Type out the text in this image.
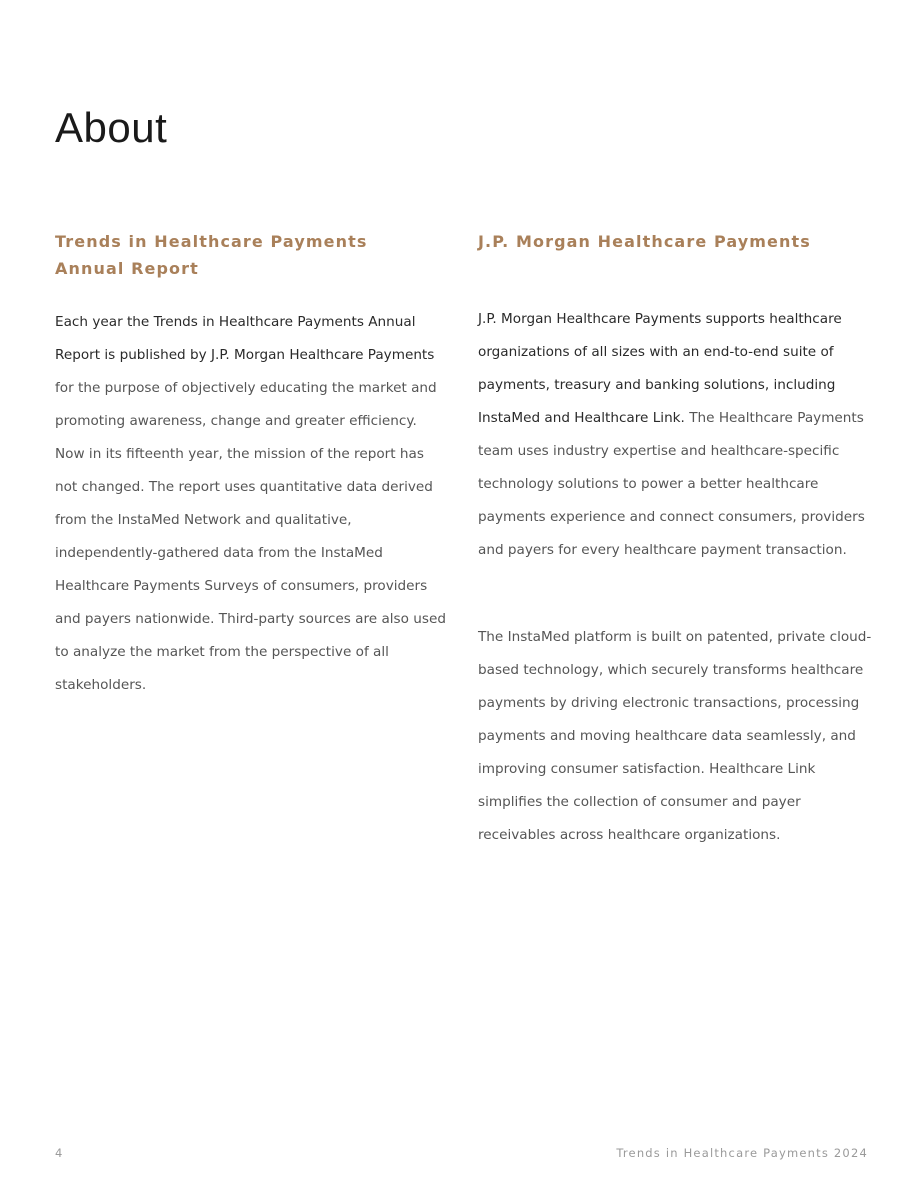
About
Trends in Healthcare Payments Annual Report

Each year the Trends in Healthcare Payments Annual Report is published by J.P. Morgan Healthcare Payments for the purpose of objectively educating the market and promoting awareness, change and greater efficiency. Now in its fifteenth year, the mission of the report has not changed. The report uses quantitative data derived from the InstaMed Network and qualitative, independently-gathered data from the InstaMed Healthcare Payments Surveys of consumers, providers and payers nationwide. Third-party sources are also used to analyze the market from the perspective of all stakeholders.

J.P. Morgan Healthcare Payments

J.P. Morgan Healthcare Payments supports healthcare organizations of all sizes with an end-to-end suite of payments, treasury and banking solutions, including InstaMed and Healthcare Link. The Healthcare Payments team uses industry expertise and healthcare-specific technology solutions to power a better healthcare payments experience and connect consumers, providers and payers for every healthcare payment transaction.

The InstaMed platform is built on patented, private cloud-based technology, which securely transforms healthcare payments by driving electronic transactions, processing payments and moving healthcare data seamlessly, and improving consumer satisfaction. Healthcare Link simplifies the collection of consumer and payer receivables across healthcare organizations.

4	Trends in Healthcare Payments 2024
